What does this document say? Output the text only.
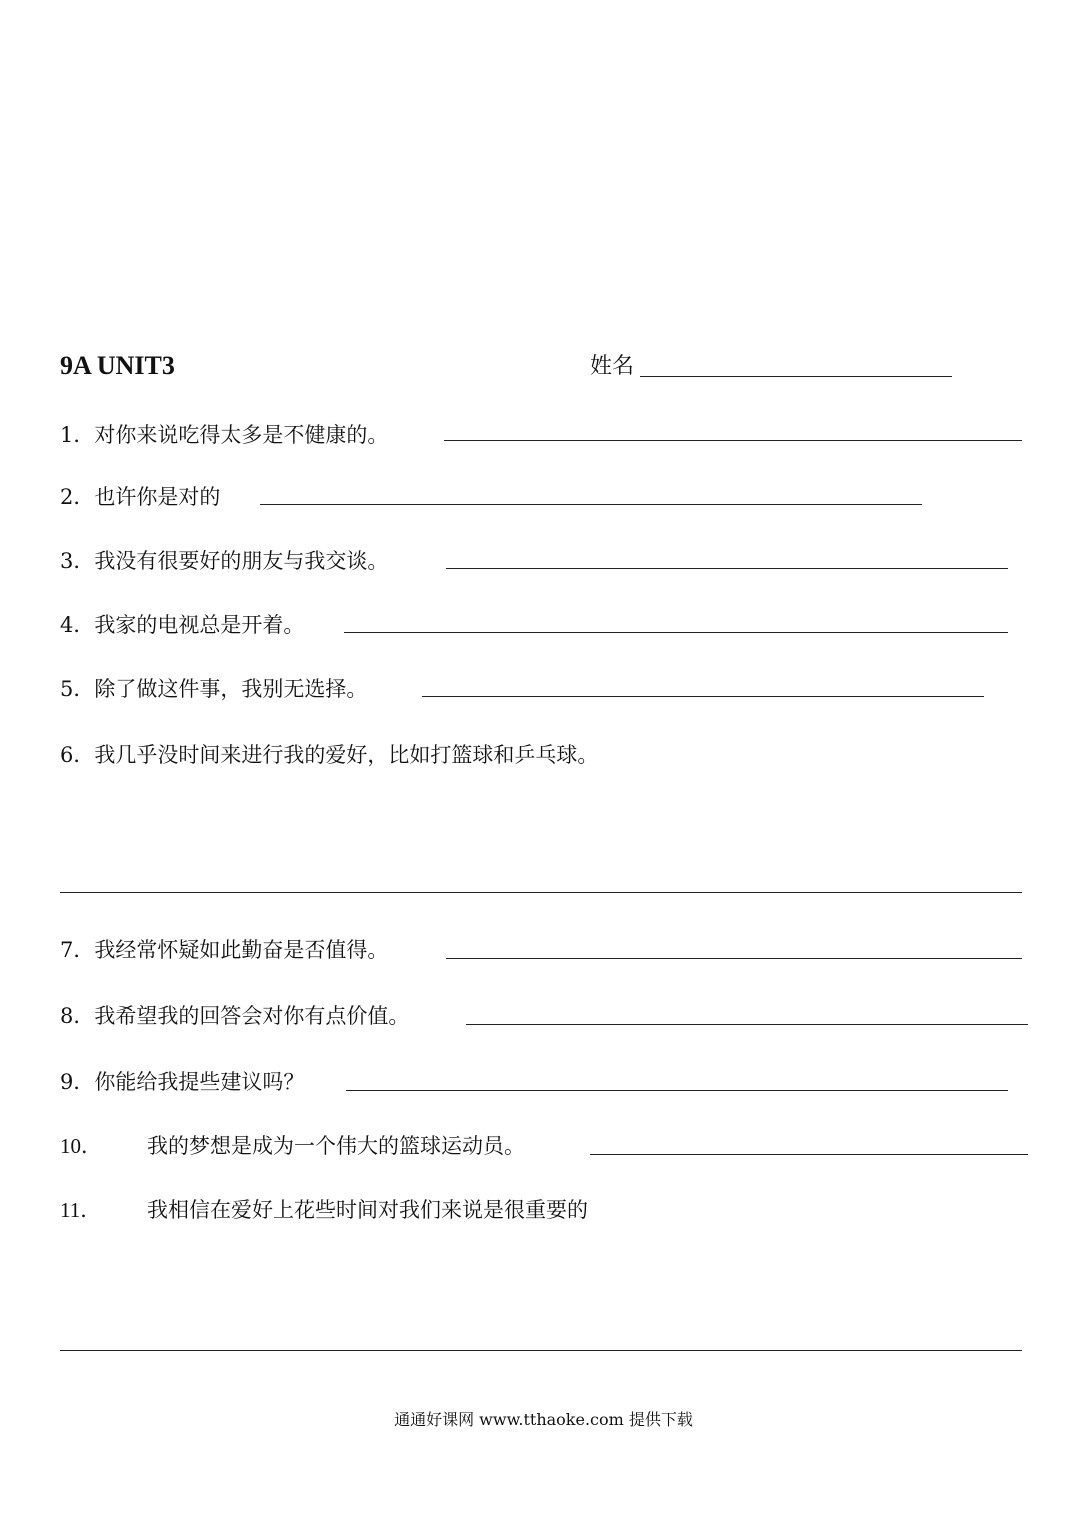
9A UNIT3	姓名
1．对你来说吃得太多是不健康的。
2．也许你是对的
3．我没有很要好的朋友与我交谈。
4．我家的电视总是开着。
5．除了做这件事，我别无选择。
6．我几乎没时间来进行我的爱好，比如打篮球和乒乓球。
7．我经常怀疑如此勤奋是否值得。
8．我希望我的回答会对你有点价值。
9．你能给我提些建议吗？
10． 我的梦想是成为一个伟大的篮球运动员。
11． 我相信在爱好上花些时间对我们来说是很重要的
通通好课网 www.tthaoke.com 提供下载
